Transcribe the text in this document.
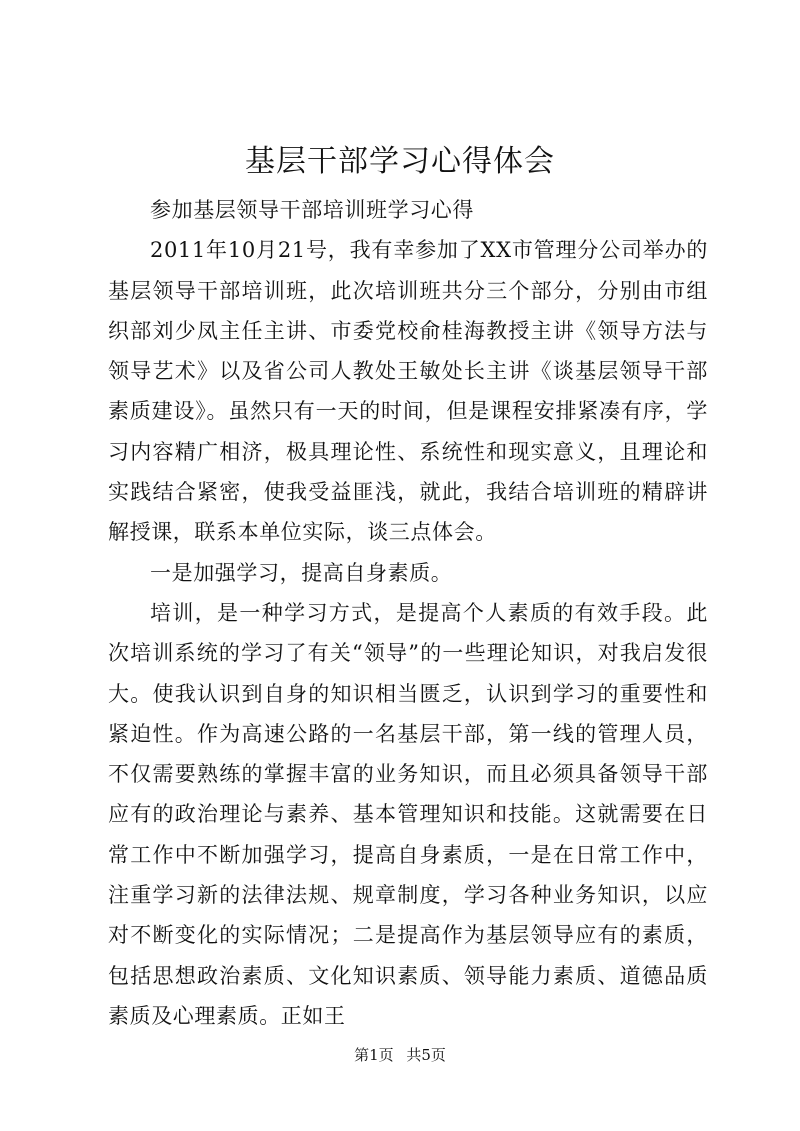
基层干部学习心得体会

参加基层领导干部培训班学习心得

2011年10月21号，我有幸参加了XX市管理分公司举办的基层领导干部培训班，此次培训班共分三个部分，分别由市组织部刘少凤主任主讲、市委党校俞桂海教授主讲《领导方法与领导艺术》以及省公司人教处王敏处长主讲《谈基层领导干部素质建设》。虽然只有一天的时间，但是课程安排紧凑有序，学习内容精广相济，极具理论性、系统性和现实意义，且理论和实践结合紧密，使我受益匪浅，就此，我结合培训班的精辟讲解授课，联系本单位实际，谈三点体会。

一是加强学习，提高自身素质。

培训，是一种学习方式，是提高个人素质的有效手段。此次培训系统的学习了有关“领导”的一些理论知识，对我启发很大。使我认识到自身的知识相当匮乏，认识到学习的重要性和紧迫性。作为高速公路的一名基层干部，第一线的管理人员，不仅需要熟练的掌握丰富的业务知识，而且必须具备领导干部应有的政治理论与素养、基本管理知识和技能。这就需要在日常工作中不断加强学习，提高自身素质，一是在日常工作中，注重学习新的法律法规、规章制度，学习各种业务知识，以应对不断变化的实际情况；二是提高作为基层领导应有的素质，包括思想政治素质、文化知识素质、领导能力素质、道德品质素质及心理素质。正如王

第1页 共5页
